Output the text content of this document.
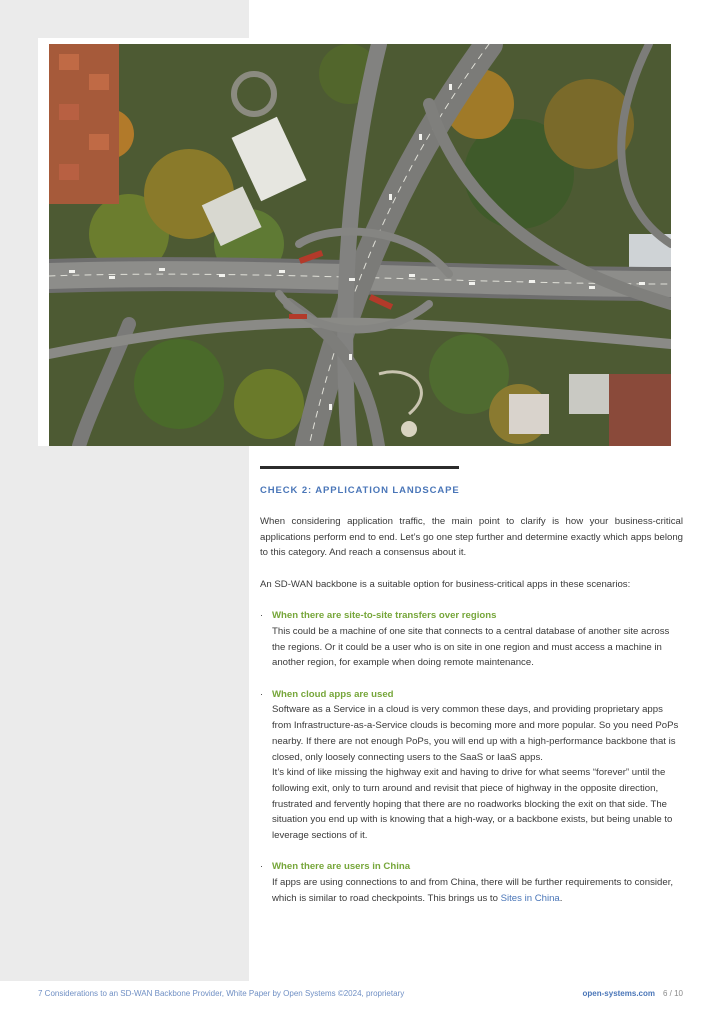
CHECK 2: APPLICATION LANDSCAPE

When considering application traffic, the main point to clarify is how your business-critical applications perform end to end. Let’s go one step further and determine exactly which apps belong to this category. And reach a consensus about it.

An SD-WAN backbone is a suitable option for business-critical apps in these scenarios:

· When there are site-to-site transfers over regions
This could be a machine of one site that connects to a central database of another site across the regions. Or it could be a user who is on site in one region and must access a machine in another region, for example when doing remote maintenance.
· When cloud apps are used
Software as a Service in a cloud is very common these days, and providing proprietary apps from Infrastructure-as-a-Service clouds is becoming more and more popular. So you need PoPs nearby. If there are not enough PoPs, you will end up with a high-performance backbone that is closed, only loosely connecting users to the SaaS or IaaS apps.
It’s kind of like missing the highway exit and having to drive for what seems “forever” until the following exit, only to turn around and revisit that piece of highway in the opposite direction, frustrated and fervently hoping that there are no roadworks blocking the exit on that side. The situation you end up with is knowing that a high-way, or a backbone exists, but being unable to leverage sections of it.
· When there are users in China
If apps are using connections to and from China, there will be further requirements to consider, which is similar to road checkpoints. This brings us to Sites in China.
7 Considerations to an SD-WAN Backbone Provider, White Paper by Open Systems ©2024, proprietary	open-systems.com 6 / 10
